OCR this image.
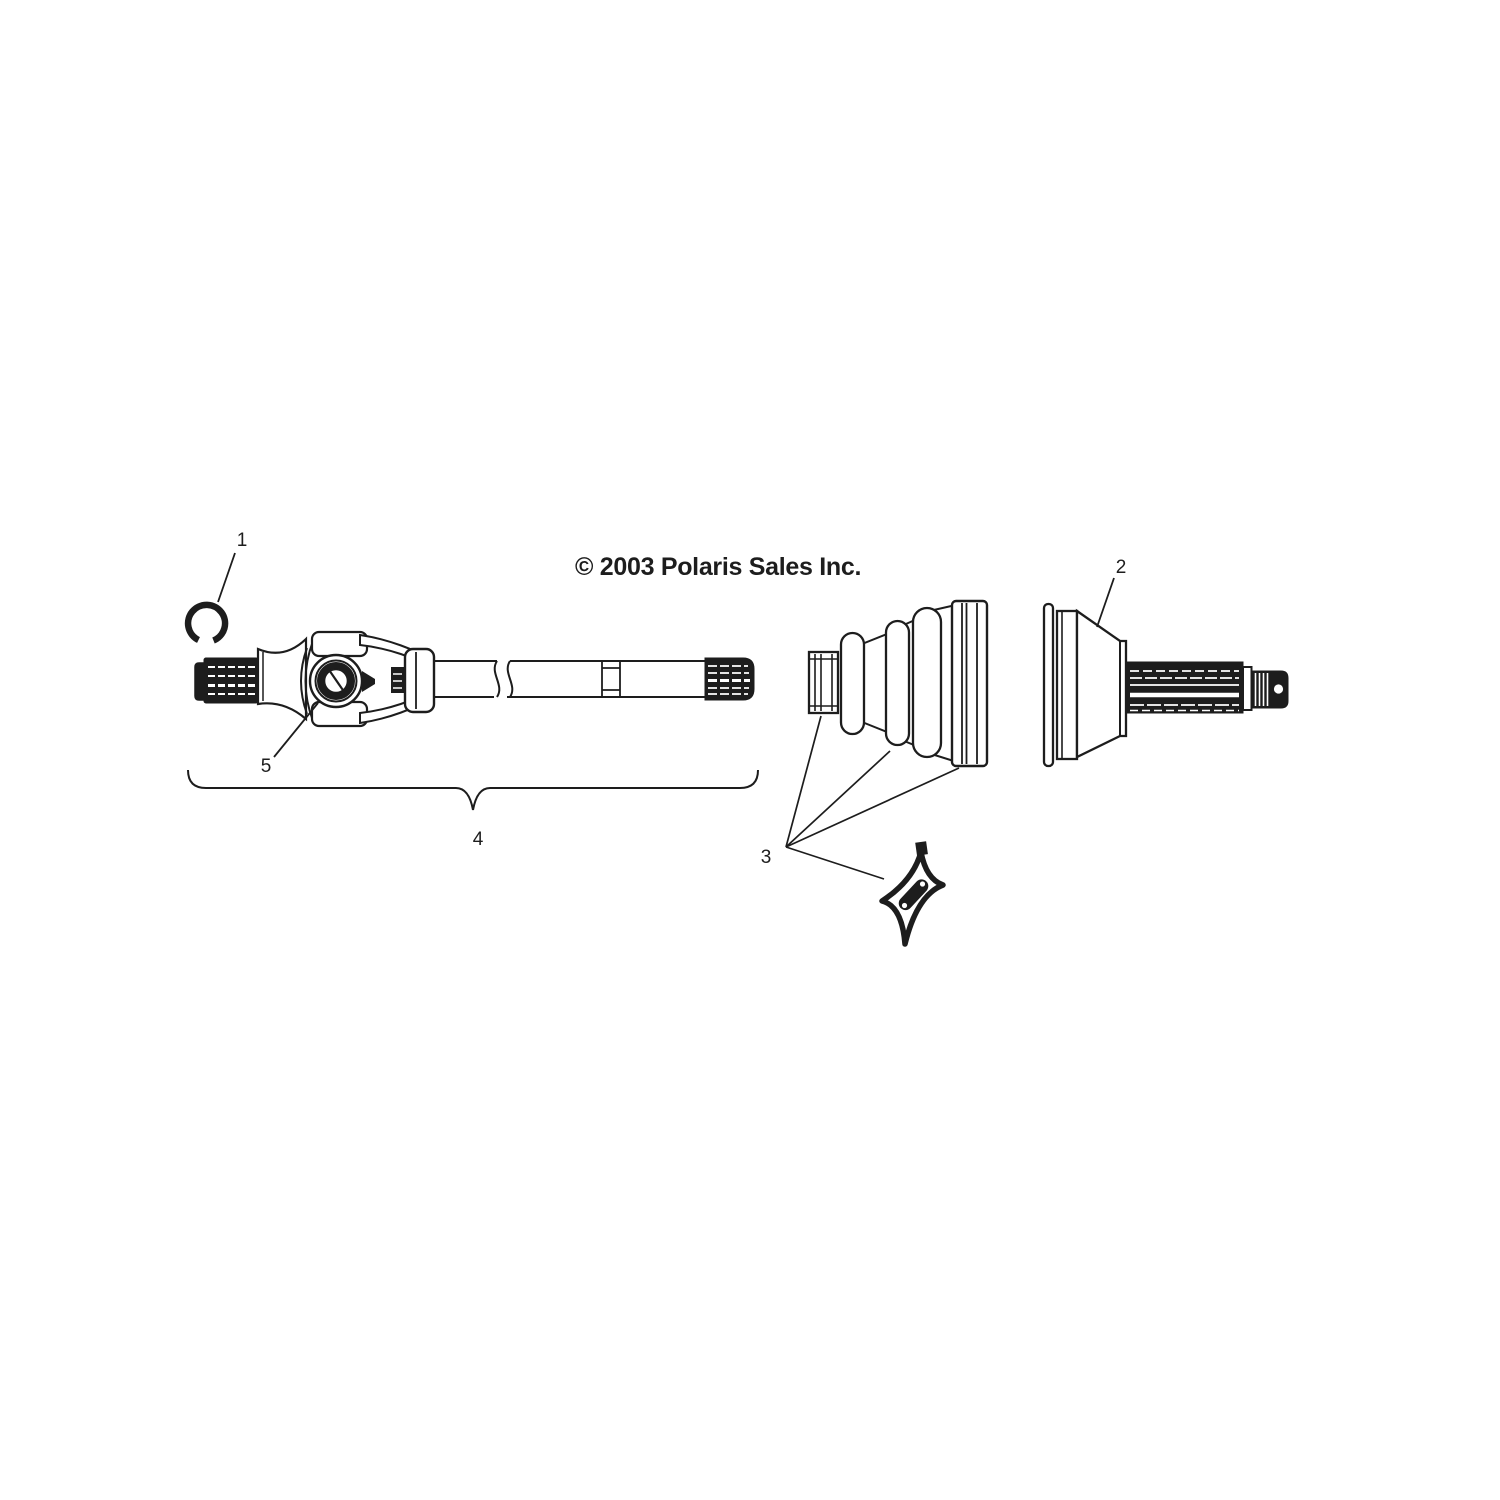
© 2003 Polaris Sales Inc.
1
2
3
4
5
